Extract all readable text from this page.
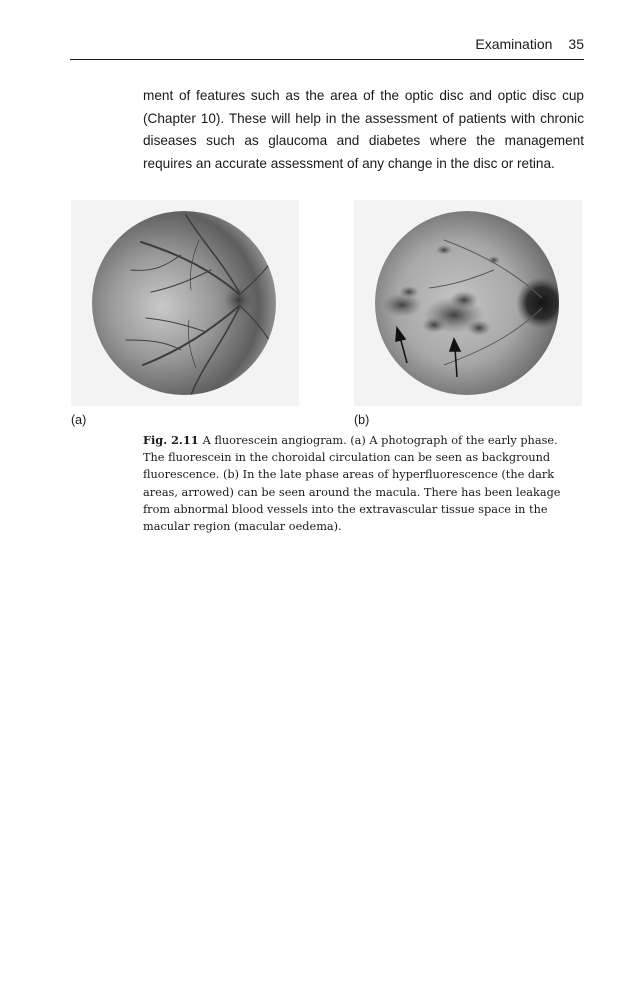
Examination 35

ment of features such as the area of the optic disc and optic disc cup (Chapter 10). These will help in the assessment of patients with chronic diseases such as glaucoma and diabetes where the management requires an accurate assessment of any change in the disc or retina.

(a)	(b)

Fig. 2.11 A fluorescein angiogram. (a) A photograph of the early phase. The fluorescein in the choroidal circulation can be seen as background fluorescence. (b) In the late phase areas of hyperfluorescence (the dark areas, arrowed) can be seen around the macula. There has been leakage from abnormal blood vessels into the extravascular tissue space in the macular region (macular oedema).
